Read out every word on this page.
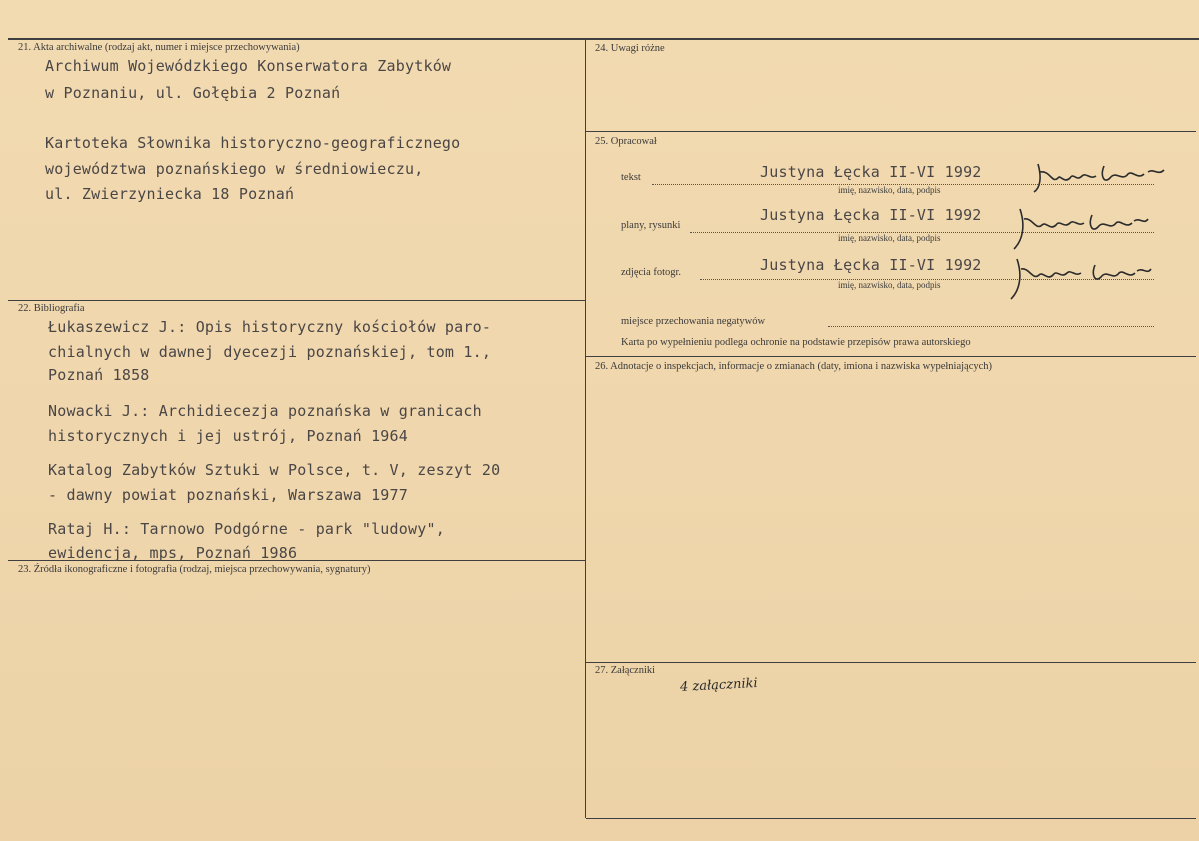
21. Akta archiwalne (rodzaj akt, numer i miejsce przechowywania)
Archiwum Wojewódzkiego Konserwatora Zabytków
w Poznaniu, ul. Gołębia 2 Poznań
Kartoteka Słownika historyczno-geograficznego
województwa poznańskiego w średniowieczu,
ul. Zwierzyniecka 18 Poznań
22. Bibliografia
Łukaszewicz J.: Opis historyczny kościołów paro-
chialnych w dawnej dyecezji poznańskiej, tom 1.,
Poznań 1858
Nowacki J.: Archidiecezja poznańska w granicach
historycznych i jej ustrój, Poznań 1964
Katalog Zabytków Sztuki w Polsce, t. V, zeszyt 20
- dawny powiat poznański, Warszawa 1977
Rataj H.: Tarnowo Podgórne - park "ludowy",
ewidencja, mps, Poznań 1986
23. Źródła ikonograficzne i fotografia (rodzaj, miejsca przechowywania, sygnatury)
24. Uwagi różne
25. Opracował
tekst	Justyna Łęcka II-VI 1992
imię, nazwisko, data, podpis
plany, rysunki
Justyna Łęcka II-VI 1992
imię, nazwisko, data, podpis
zdjęcia fotogr.	Justyna Łęcka II-VI 1992
imię, nazwisko, data, podpis
miejsce przechowania negatywów
Karta po wypełnieniu podlega ochronie na podstawie przepisów prawa autorskiego
26. Adnotacje o inspekcjach, informacje o zmianach (daty, imiona i nazwiska wypełniających)
27. Załączniki
4 załączniki
